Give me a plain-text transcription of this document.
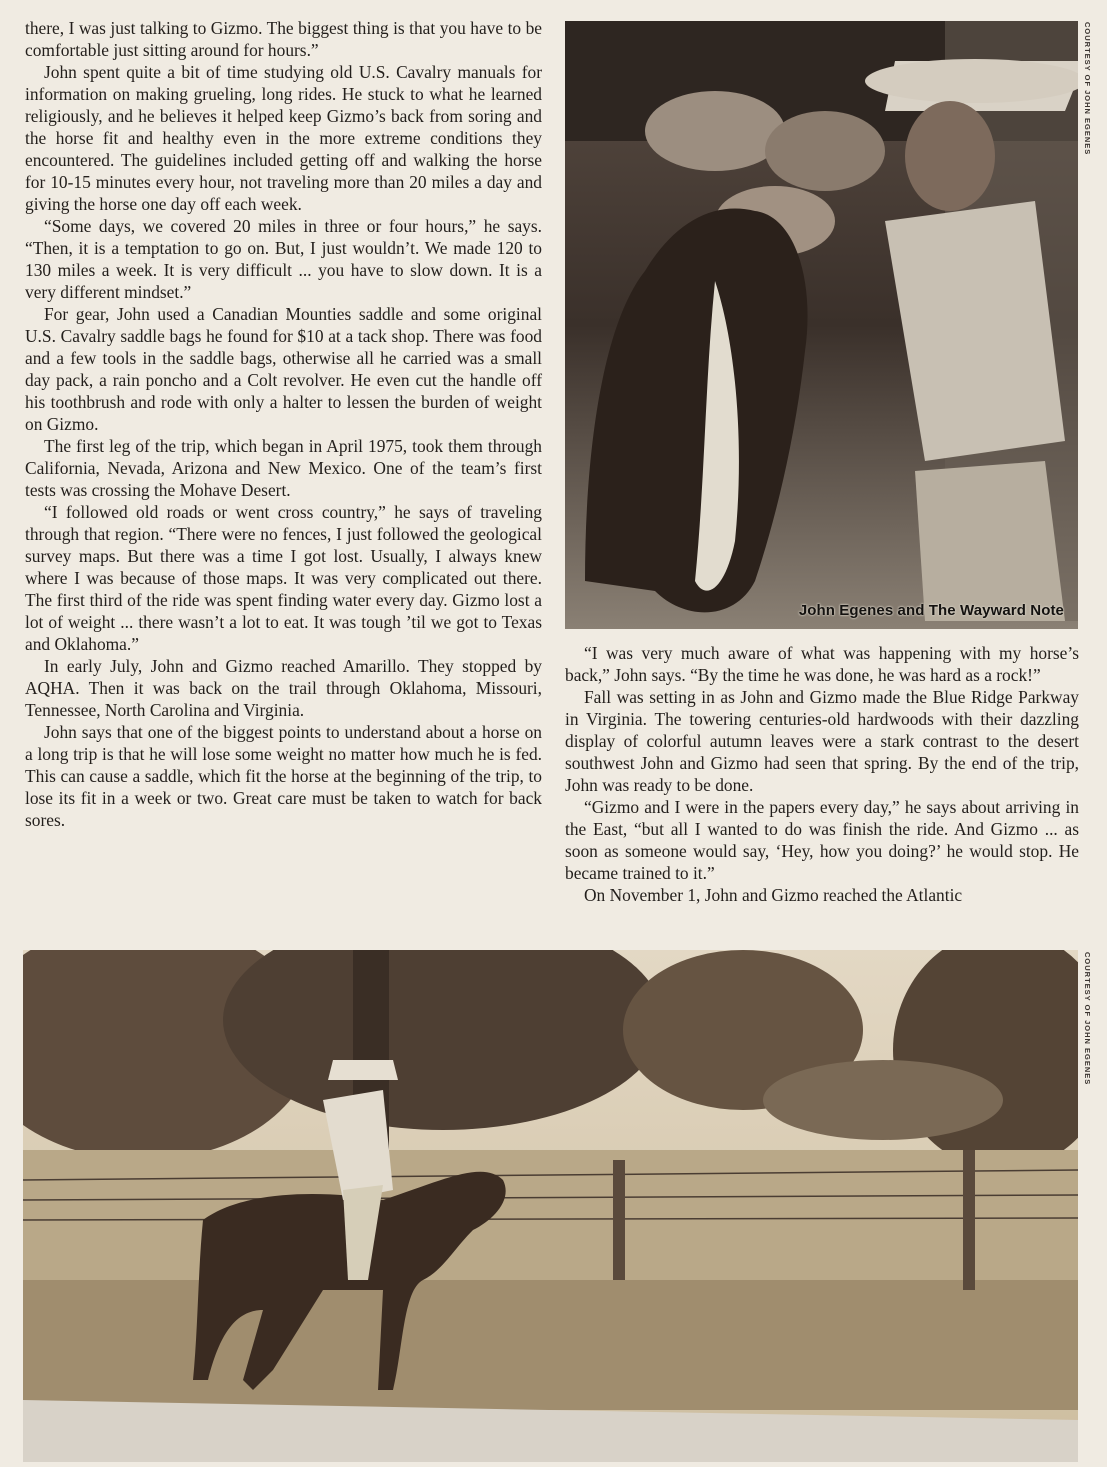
there, I was just talking to Gizmo. The biggest thing is that you have to be comfortable just sitting around for hours.”

John spent quite a bit of time studying old U.S. Cavalry manuals for information on making grueling, long rides. He stuck to what he learned religiously, and he believes it helped keep Gizmo’s back from soring and the horse fit and healthy even in the more extreme conditions they encountered. The guidelines included getting off and walking the horse for 10-15 minutes every hour, not traveling more than 20 miles a day and giving the horse one day off each week.

“Some days, we covered 20 miles in three or four hours,” he says. “Then, it is a temptation to go on. But, I just wouldn’t. We made 120 to 130 miles a week. It is very difficult ... you have to slow down. It is a very different mindset.”

For gear, John used a Canadian Mounties saddle and some original U.S. Cavalry saddle bags he found for $10 at a tack shop. There was food and a few tools in the saddle bags, otherwise all he carried was a small day pack, a rain poncho and a Colt revolver. He even cut the handle off his toothbrush and rode with only a halter to lessen the burden of weight on Gizmo.

The first leg of the trip, which began in April 1975, took them through California, Nevada, Arizona and New Mexico. One of the team’s first tests was crossing the Mohave Desert.

“I followed old roads or went cross country,” he says of traveling through that region. “There were no fences, I just followed the geological survey maps. But there was a time I got lost. Usually, I always knew where I was because of those maps. It was very complicated out there. The first third of the ride was spent finding water every day. Gizmo lost a lot of weight ... there wasn’t a lot to eat. It was tough ’til we got to Texas and Oklahoma.”

In early July, John and Gizmo reached Amarillo. They stopped by AQHA. Then it was back on the trail through Oklahoma, Missouri, Tennessee, North Carolina and Virginia.

John says that one of the biggest points to understand about a horse on a long trip is that he will lose some weight no matter how much he is fed. This can cause a saddle, which fit the horse at the beginning of the trip, to lose its fit in a week or two. Great care must be taken to watch for back sores.

John Egenes and The Wayward Note
COURTESY OF JOHN EGENES

“I was very much aware of what was happening with my horse’s back,” John says. “By the time he was done, he was hard as a rock!”

Fall was setting in as John and Gizmo made the Blue Ridge Parkway in Virginia. The towering centuries-old hardwoods with their dazzling display of colorful autumn leaves were a stark contrast to the desert southwest John and Gizmo had seen that spring. By the end of the trip, John was ready to be done.

“Gizmo and I were in the papers every day,” he says about arriving in the East, “but all I wanted to do was finish the ride. And Gizmo ... as soon as someone would say, ‘Hey, how you doing?’ he would stop. He became trained to it.”

On November 1, John and Gizmo reached the Atlantic

COURTESY OF JOHN EGENES
